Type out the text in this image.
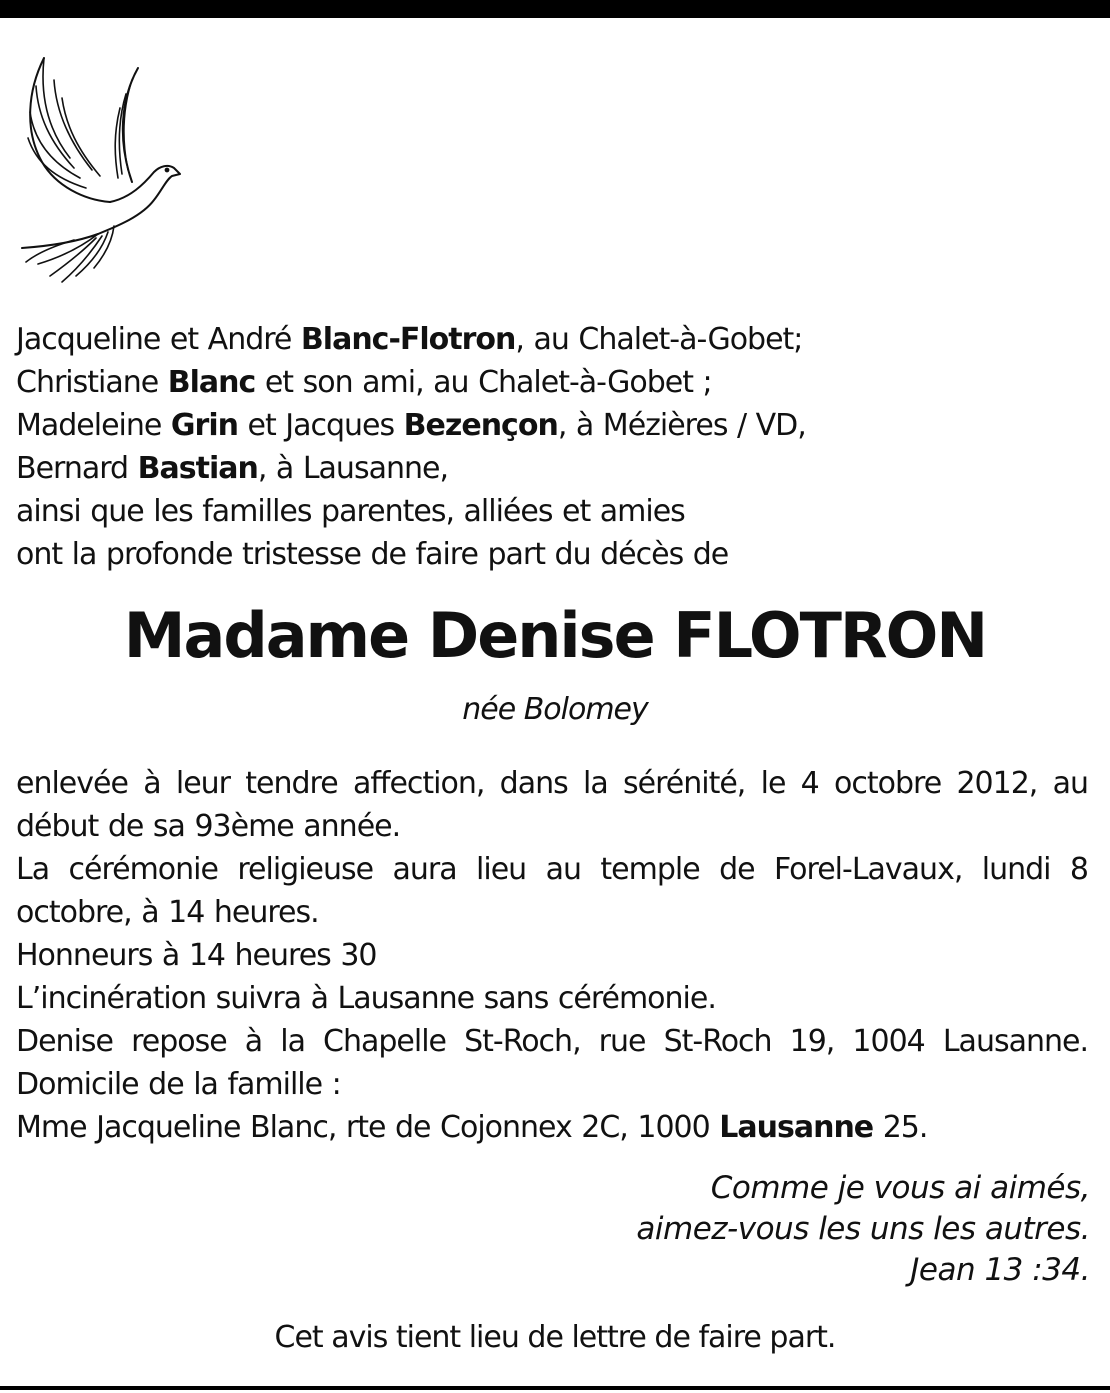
Jacqueline et André Blanc-Flotron, au Chalet-à-Gobet;
Christiane Blanc et son ami, au Chalet-à-Gobet ;
Madeleine Grin et Jacques Bezençon, à Mézières / VD,
Bernard Bastian, à Lausanne,
ainsi que les familles parentes, alliées et amies
ont la profonde tristesse de faire part du décès de
Madame Denise FLOTRON
née Bolomey
enlevée à leur tendre affection, dans la sérénité, le 4 octobre 2012, au début de sa 93ème année.
La cérémonie religieuse aura lieu au temple de Forel-Lavaux, lundi 8 octobre, à 14 heures.
Honneurs à 14 heures 30
L’incinération suivra à Lausanne sans cérémonie.
Denise repose à la Chapelle St-Roch, rue St-Roch 19, 1004 Lausanne.
Domicile de la famille :
Mme Jacqueline Blanc, rte de Cojonnex 2C, 1000 Lausanne 25.
Comme je vous ai aimés,
aimez-vous les uns les autres.
Jean 13 :34.
Cet avis tient lieu de lettre de faire part.
